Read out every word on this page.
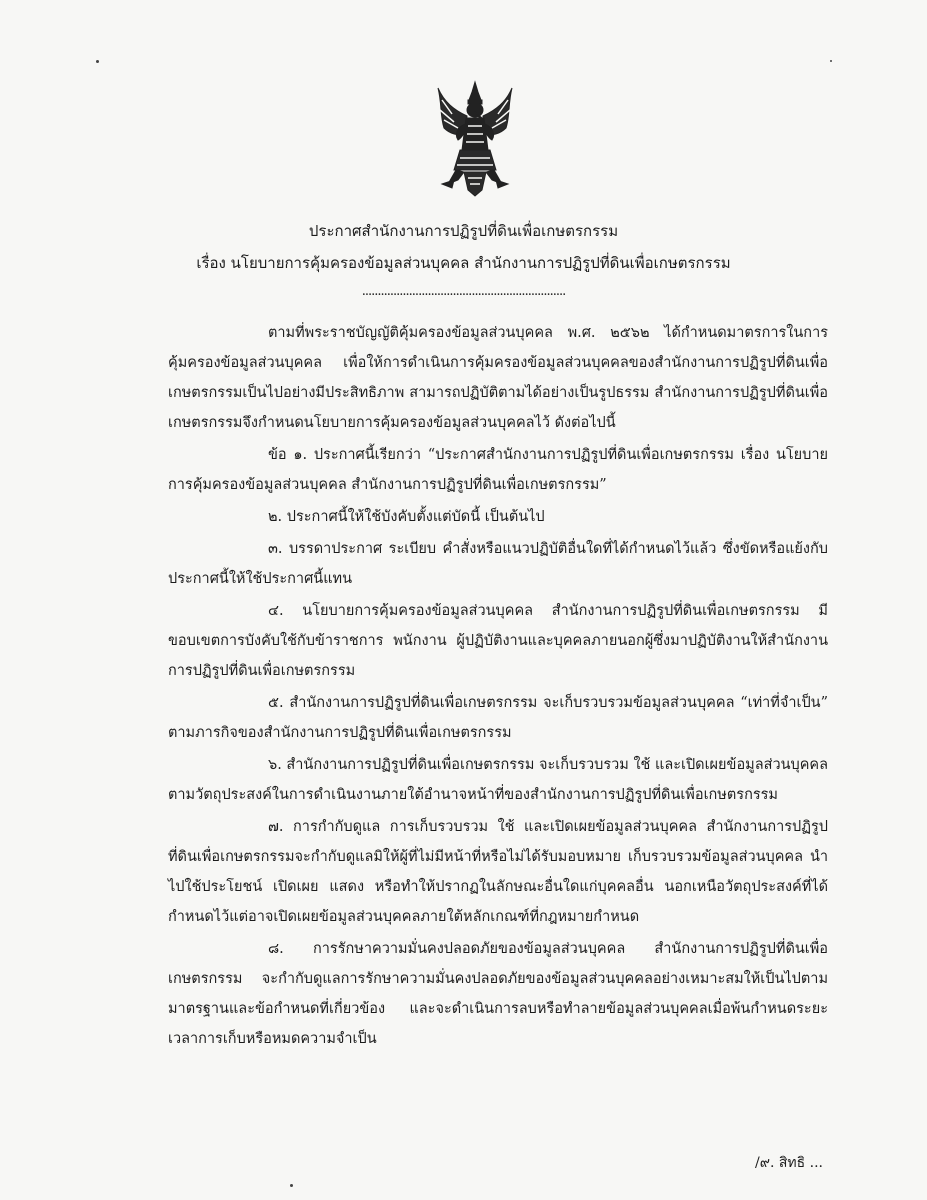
ประกาศสำนักงานการปฏิรูปที่ดินเพื่อเกษตรกรรม
เรื่อง นโยบายการคุ้มครองข้อมูลส่วนบุคคล สำนักงานการปฏิรูปที่ดินเพื่อเกษตรกรรม
.................................................................

ตามที่พระราชบัญญัติคุ้มครองข้อมูลส่วนบุคคล พ.ศ. ๒๕๖๒ ได้กำหนดมาตรการในการคุ้มครองข้อมูลส่วนบุคคล เพื่อให้การดำเนินการคุ้มครองข้อมูลส่วนบุคคลของสำนักงานการปฏิรูปที่ดินเพื่อเกษตรกรรมเป็นไปอย่างมีประสิทธิภาพ สามารถปฏิบัติตามได้อย่างเป็นรูปธรรม สำนักงานการปฏิรูปที่ดินเพื่อเกษตรกรรมจึงกำหนดนโยบายการคุ้มครองข้อมูลส่วนบุคคลไว้ ดังต่อไปนี้

ข้อ ๑. ประกาศนี้เรียกว่า “ประกาศสำนักงานการปฏิรูปที่ดินเพื่อเกษตรกรรม เรื่อง นโยบายการคุ้มครองข้อมูลส่วนบุคคล สำนักงานการปฏิรูปที่ดินเพื่อเกษตรกรรม”

๒. ประกาศนี้ให้ใช้บังคับตั้งแต่บัดนี้ เป็นต้นไป

๓. บรรดาประกาศ ระเบียบ คำสั่งหรือแนวปฏิบัติอื่นใดที่ได้กำหนดไว้แล้ว ซึ่งขัดหรือแย้งกับประกาศนี้ให้ใช้ประกาศนี้แทน

๔. นโยบายการคุ้มครองข้อมูลส่วนบุคคล สำนักงานการปฏิรูปที่ดินเพื่อเกษตรกรรม มีขอบเขตการบังคับใช้กับข้าราชการ พนักงาน ผู้ปฏิบัติงานและบุคคลภายนอกผู้ซึ่งมาปฏิบัติงานให้สำนักงานการปฏิรูปที่ดินเพื่อเกษตรกรรม

๕. สำนักงานการปฏิรูปที่ดินเพื่อเกษตรกรรม จะเก็บรวบรวมข้อมูลส่วนบุคคล “เท่าที่จำเป็น” ตามภารกิจของสำนักงานการปฏิรูปที่ดินเพื่อเกษตรกรรม

๖. สำนักงานการปฏิรูปที่ดินเพื่อเกษตรกรรม จะเก็บรวบรวม ใช้ และเปิดเผยข้อมูลส่วนบุคคลตามวัตถุประสงค์ในการดำเนินงานภายใต้อำนาจหน้าที่ของสำนักงานการปฏิรูปที่ดินเพื่อเกษตรกรรม

๗. การกำกับดูแล การเก็บรวบรวม ใช้ และเปิดเผยข้อมูลส่วนบุคคล สำนักงานการปฏิรูปที่ดินเพื่อเกษตรกรรมจะกำกับดูแลมิให้ผู้ที่ไม่มีหน้าที่หรือไม่ได้รับมอบหมาย เก็บรวบรวมข้อมูลส่วนบุคคล นำไปใช้ประโยชน์ เปิดเผย แสดง หรือทำให้ปรากฏในลักษณะอื่นใดแก่บุคคลอื่น นอกเหนือวัตถุประสงค์ที่ได้กำหนดไว้แต่อาจเปิดเผยข้อมูลส่วนบุคคลภายใต้หลักเกณฑ์ที่กฎหมายกำหนด

๘. การรักษาความมั่นคงปลอดภัยของข้อมูลส่วนบุคคล สำนักงานการปฏิรูปที่ดินเพื่อเกษตรกรรม จะกำกับดูแลการรักษาความมั่นคงปลอดภัยของข้อมูลส่วนบุคคลอย่างเหมาะสมให้เป็นไปตามมาตรฐานและข้อกำหนดที่เกี่ยวข้อง และจะดำเนินการลบหรือทำลายข้อมูลส่วนบุคคลเมื่อพ้นกำหนดระยะเวลาการเก็บหรือหมดความจำเป็น

/๙. สิทธิ ...
